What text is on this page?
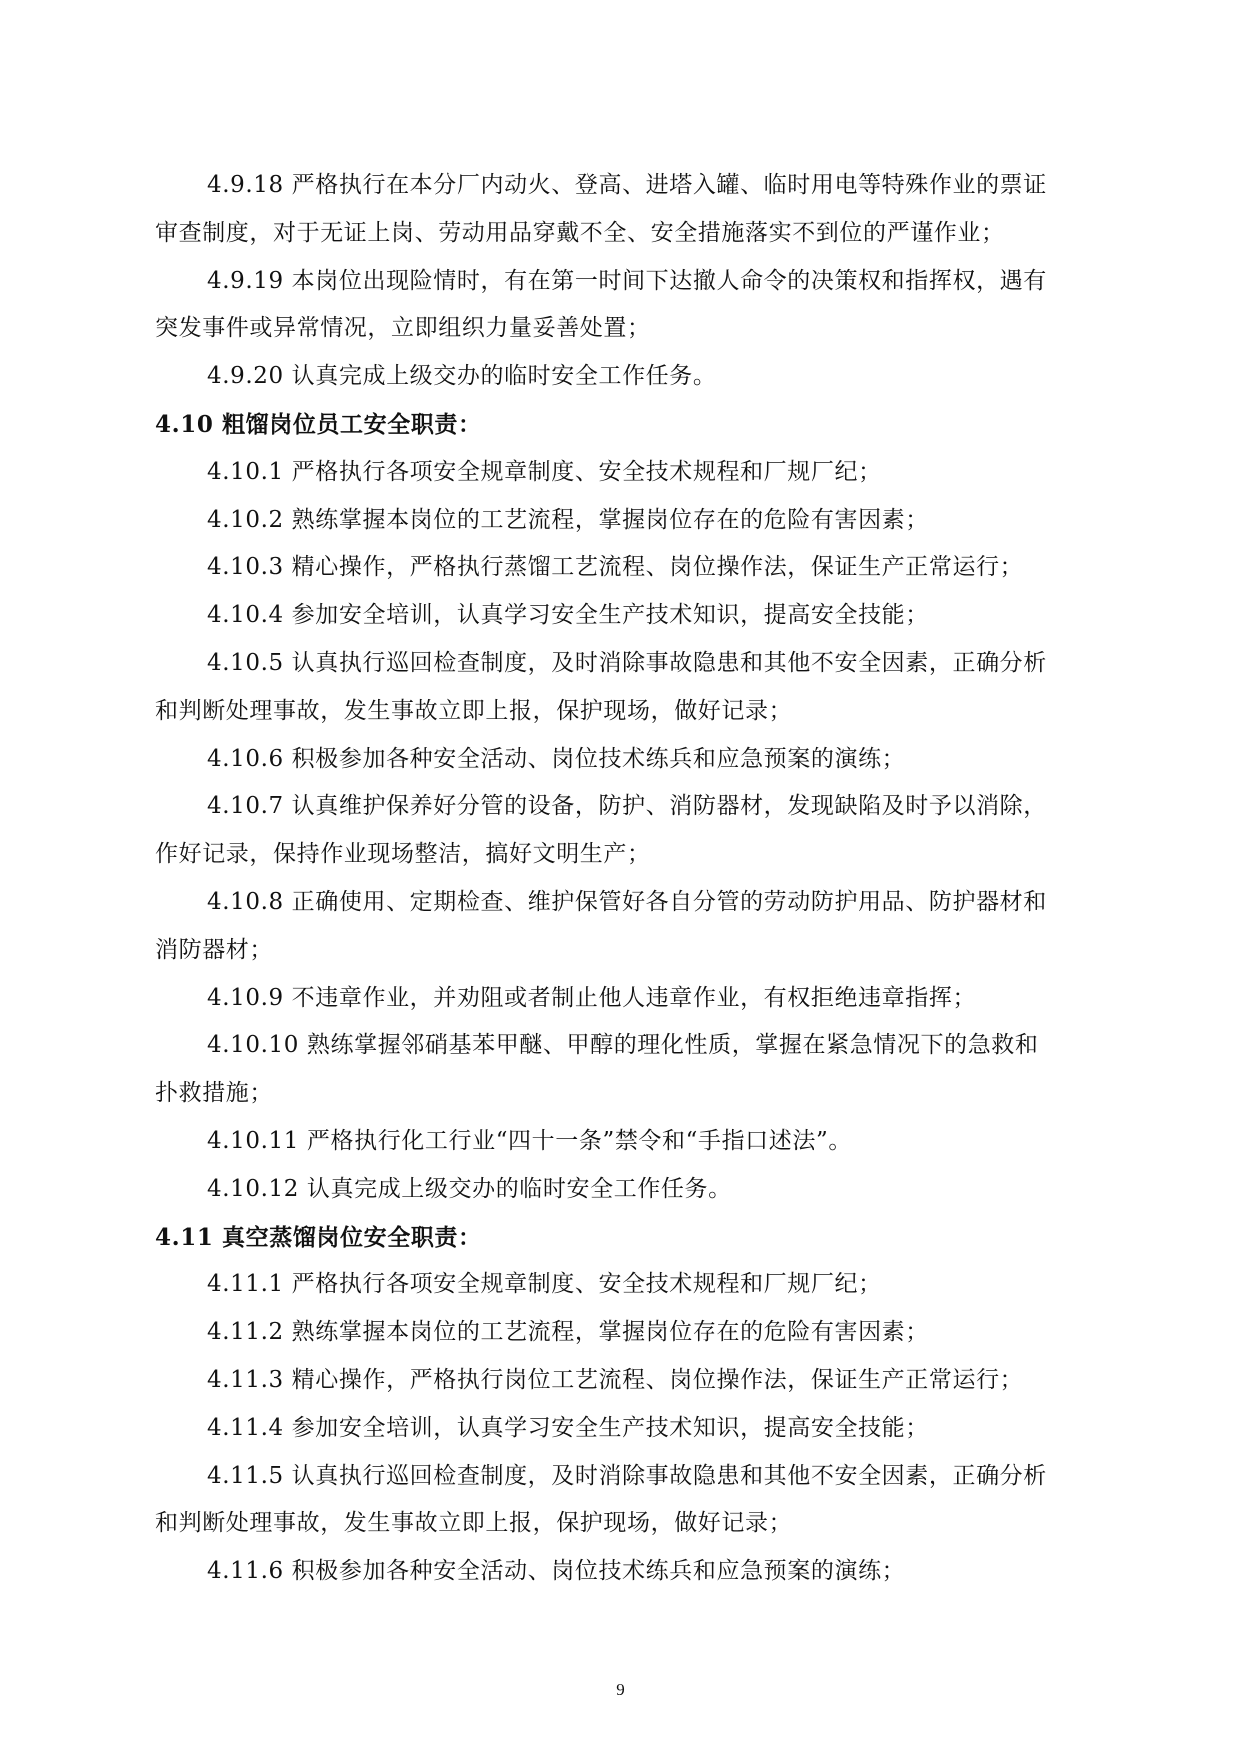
4.9.18 严格执行在本分厂内动火、登高、进塔入罐、临时用电等特殊作业的票证
审查制度，对于无证上岗、劳动用品穿戴不全、安全措施落实不到位的严谨作业；
4.9.19 本岗位出现险情时，有在第一时间下达撤人命令的决策权和指挥权，遇有
突发事件或异常情况，立即组织力量妥善处置；
4.9.20 认真完成上级交办的临时安全工作任务。
4.10 粗馏岗位员工安全职责：
4.10.1 严格执行各项安全规章制度、安全技术规程和厂规厂纪；
4.10.2 熟练掌握本岗位的工艺流程，掌握岗位存在的危险有害因素；
4.10.3 精心操作，严格执行蒸馏工艺流程、岗位操作法，保证生产正常运行；
4.10.4 参加安全培训，认真学习安全生产技术知识，提高安全技能；
4.10.5 认真执行巡回检查制度，及时消除事故隐患和其他不安全因素，正确分析
和判断处理事故，发生事故立即上报，保护现场，做好记录；
4.10.6 积极参加各种安全活动、岗位技术练兵和应急预案的演练；
4.10.7 认真维护保养好分管的设备，防护、消防器材，发现缺陷及时予以消除，
作好记录，保持作业现场整洁，搞好文明生产；
4.10.8 正确使用、定期检查、维护保管好各自分管的劳动防护用品、防护器材和
消防器材；
4.10.9 不违章作业，并劝阻或者制止他人违章作业，有权拒绝违章指挥；
4.10.10 熟练掌握邻硝基苯甲醚、甲醇的理化性质，掌握在紧急情况下的急救和
扑救措施；
4.10.11 严格执行化工行业“四十一条”禁令和“手指口述法”。
4.10.12 认真完成上级交办的临时安全工作任务。
4.11 真空蒸馏岗位安全职责：
4.11.1 严格执行各项安全规章制度、安全技术规程和厂规厂纪；
4.11.2 熟练掌握本岗位的工艺流程，掌握岗位存在的危险有害因素；
4.11.3 精心操作，严格执行岗位工艺流程、岗位操作法，保证生产正常运行；
4.11.4 参加安全培训，认真学习安全生产技术知识，提高安全技能；
4.11.5 认真执行巡回检查制度，及时消除事故隐患和其他不安全因素，正确分析
和判断处理事故，发生事故立即上报，保护现场，做好记录；
4.11.6 积极参加各种安全活动、岗位技术练兵和应急预案的演练；
9
